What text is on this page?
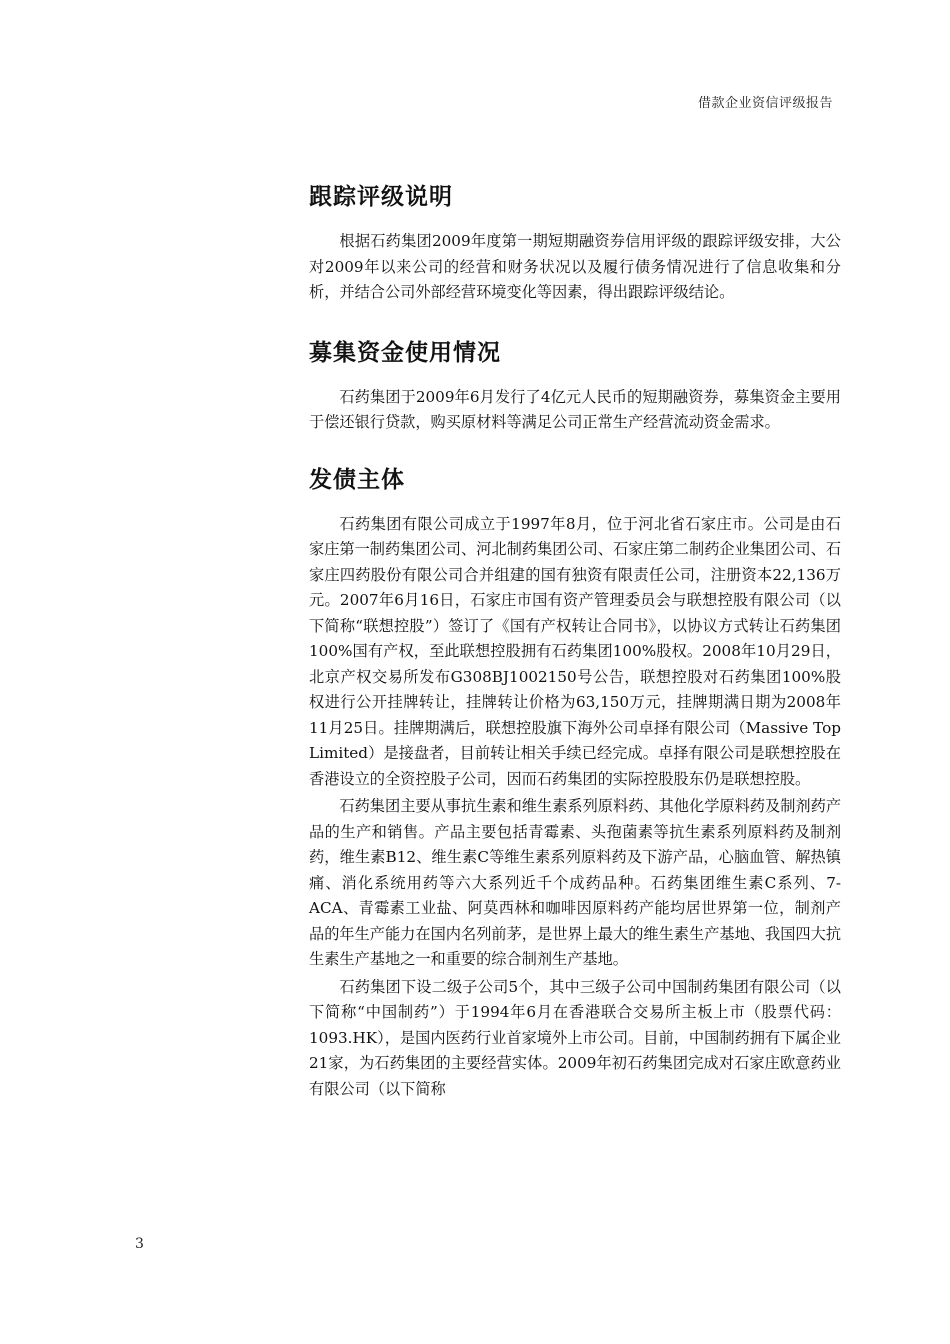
借款企业资信评级报告
跟踪评级说明

根据石药集团2009年度第一期短期融资券信用评级的跟踪评级安排，大公对2009年以来公司的经营和财务状况以及履行债务情况进行了信息收集和分析，并结合公司外部经营环境变化等因素，得出跟踪评级结论。

募集资金使用情况

石药集团于2009年6月发行了4亿元人民币的短期融资券，募集资金主要用于偿还银行贷款，购买原材料等满足公司正常生产经营流动资金需求。

发债主体

石药集团有限公司成立于1997年8月，位于河北省石家庄市。公司是由石家庄第一制药集团公司、河北制药集团公司、石家庄第二制药企业集团公司、石家庄四药股份有限公司合并组建的国有独资有限责任公司，注册资本22,136万元。2007年6月16日，石家庄市国有资产管理委员会与联想控股有限公司（以下简称“联想控股”）签订了《国有产权转让合同书》，以协议方式转让石药集团100%国有产权，至此联想控股拥有石药集团100%股权。2008年10月29日，北京产权交易所发布G308BJ1002150号公告，联想控股对石药集团100%股权进行公开挂牌转让，挂牌转让价格为63,150万元，挂牌期满日期为2008年11月25日。挂牌期满后，联想控股旗下海外公司卓择有限公司（Massive Top Limited）是接盘者，目前转让相关手续已经完成。卓择有限公司是联想控股在香港设立的全资控股子公司，因而石药集团的实际控股股东仍是联想控股。

石药集团主要从事抗生素和维生素系列原料药、其他化学原料药及制剂药产品的生产和销售。产品主要包括青霉素、头孢菌素等抗生素系列原料药及制剂药，维生素B12、维生素C等维生素系列原料药及下游产品，心脑血管、解热镇痛、消化系统用药等六大系列近千个成药品种。石药集团维生素C系列、7-ACA、青霉素工业盐、阿莫西林和咖啡因原料药产能均居世界第一位，制剂产品的年生产能力在国内名列前茅，是世界上最大的维生素生产基地、我国四大抗生素生产基地之一和重要的综合制剂生产基地。

石药集团下设二级子公司5个，其中三级子公司中国制药集团有限公司（以下简称“中国制药”）于1994年6月在香港联合交易所主板上市（股票代码：1093.HK），是国内医药行业首家境外上市公司。目前，中国制药拥有下属企业21家，为石药集团的主要经营实体。2009年初石药集团完成对石家庄欧意药业有限公司（以下简称

3
